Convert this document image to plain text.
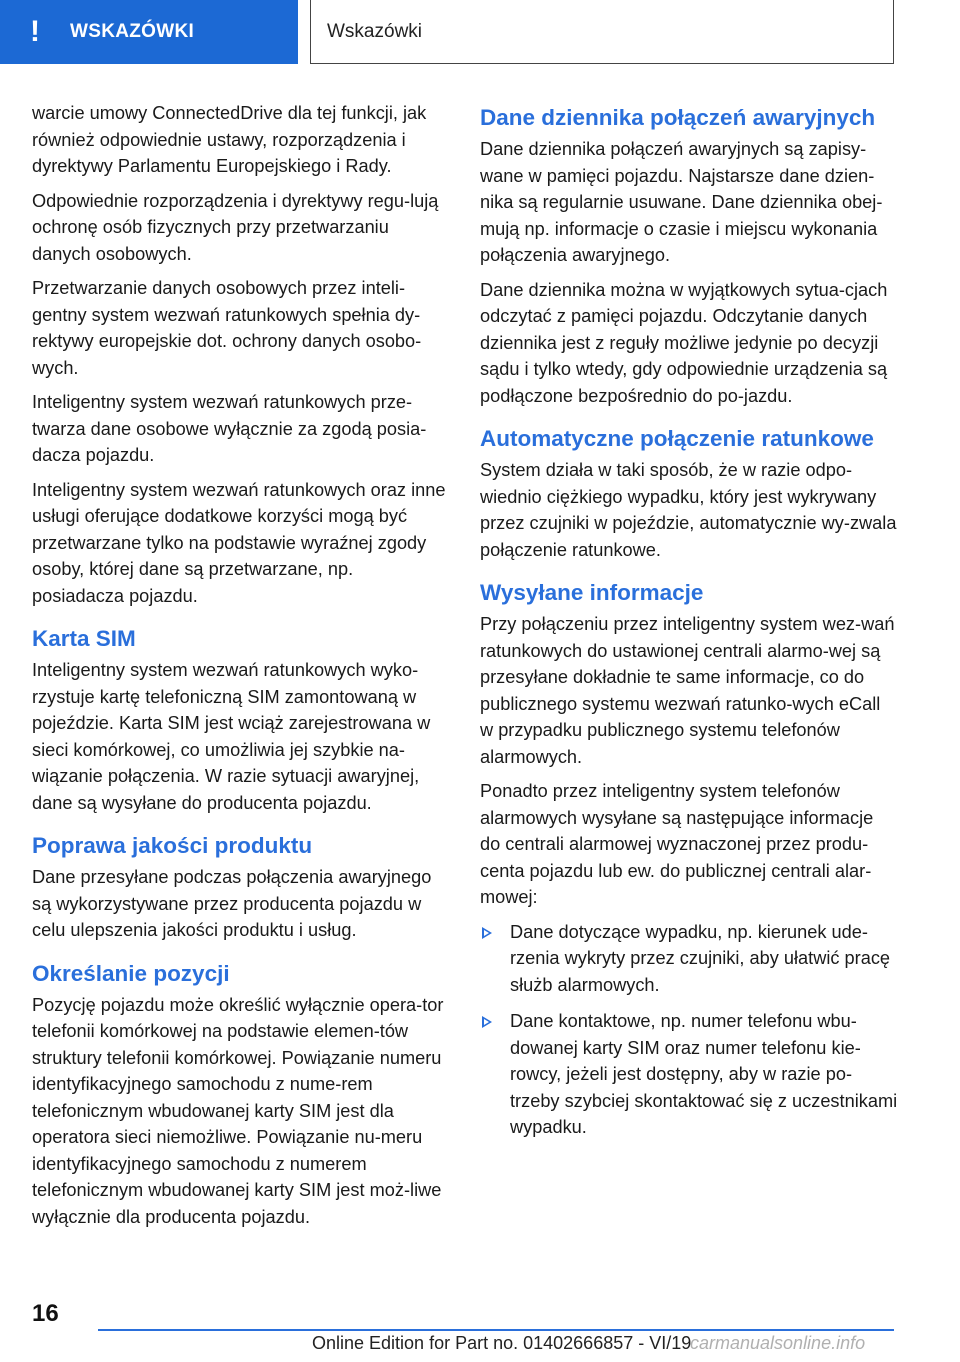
!	WSKAZÓWKI	Wskazówki

warcie umowy ConnectedDrive dla tej funkcji, jak również odpowiednie ustawy, rozporządzenia i dyrektywy Parlamentu Europejskiego i Rady.

Odpowiednie rozporządzenia i dyrektywy regu-lują ochronę osób fizycznych przy przetwarzaniu danych osobowych.

Przetwarzanie danych osobowych przez inteli-gentny system wezwań ratunkowych spełnia dy-rektywy europejskie dot. ochrony danych osobo-wych.

Inteligentny system wezwań ratunkowych prze-twarza dane osobowe wyłącznie za zgodą posia-dacza pojazdu.

Inteligentny system wezwań ratunkowych oraz inne usługi oferujące dodatkowe korzyści mogą być przetwarzane tylko na podstawie wyraźnej zgody osoby, której dane są przetwarzane, np. posiadacza pojazdu.

Karta SIM

Inteligentny system wezwań ratunkowych wyko-rzystuje kartę telefoniczną SIM zamontowaną w pojeździe. Karta SIM jest wciąż zarejestrowana w sieci komórkowej, co umożliwia jej szybkie na-wiązanie połączenia. W razie sytuacji awaryjnej, dane są wysyłane do producenta pojazdu.

Poprawa jakości produktu

Dane przesyłane podczas połączenia awaryjnego są wykorzystywane przez producenta pojazdu w celu ulepszenia jakości produktu i usług.

Określanie pozycji

Pozycję pojazdu może określić wyłącznie opera-tor telefonii komórkowej na podstawie elemen-tów struktury telefonii komórkowej. Powiązanie numeru identyfikacyjnego samochodu z nume-rem telefonicznym wbudowanej karty SIM jest dla operatora sieci niemożliwe. Powiązanie nu-meru identyfikacyjnego samochodu z numerem telefonicznym wbudowanej karty SIM jest moż-liwe wyłącznie dla producenta pojazdu.

Dane dziennika połączeń awaryjnych

Dane dziennika połączeń awaryjnych są zapisy-wane w pamięci pojazdu. Najstarsze dane dzien-nika są regularnie usuwane. Dane dziennika obej-mują np. informacje o czasie i miejscu wykonania połączenia awaryjnego.

Dane dziennika można w wyjątkowych sytua-cjach odczytać z pamięci pojazdu. Odczytanie danych dziennika jest z reguły możliwe jedynie po decyzji sądu i tylko wtedy, gdy odpowiednie urządzenia są podłączone bezpośrednio do po-jazdu.

Automatyczne połączenie ratunkowe

System działa w taki sposób, że w razie odpo-wiednio ciężkiego wypadku, który jest wykrywany przez czujniki w pojeździe, automatycznie wy-zwala połączenie ratunkowe.

Wysyłane informacje

Przy połączeniu przez inteligentny system wez-wań ratunkowych do ustawionej centrali alarmo-wej są przesyłane dokładnie te same informacje, co do publicznego systemu wezwań ratunko-wych eCall w przypadku publicznego systemu telefonów alarmowych.

Ponadto przez inteligentny system telefonów alarmowych wysyłane są następujące informacje do centrali alarmowej wyznaczonej przez produ-centa pojazdu lub ew. do publicznej centrali alar-mowej:

Dane dotyczące wypadku, np. kierunek ude-rzenia wykryty przez czujniki, aby ułatwić pracę służb alarmowych.
Dane kontaktowe, np. numer telefonu wbu-dowanej karty SIM oraz numer telefonu kie-rowcy, jeżeli jest dostępny, aby w razie po-trzeby szybciej skontaktować się z uczestnikami wypadku.
16
Online Edition for Part no. 01402666857 - VI/19
carmanualsonline.info
